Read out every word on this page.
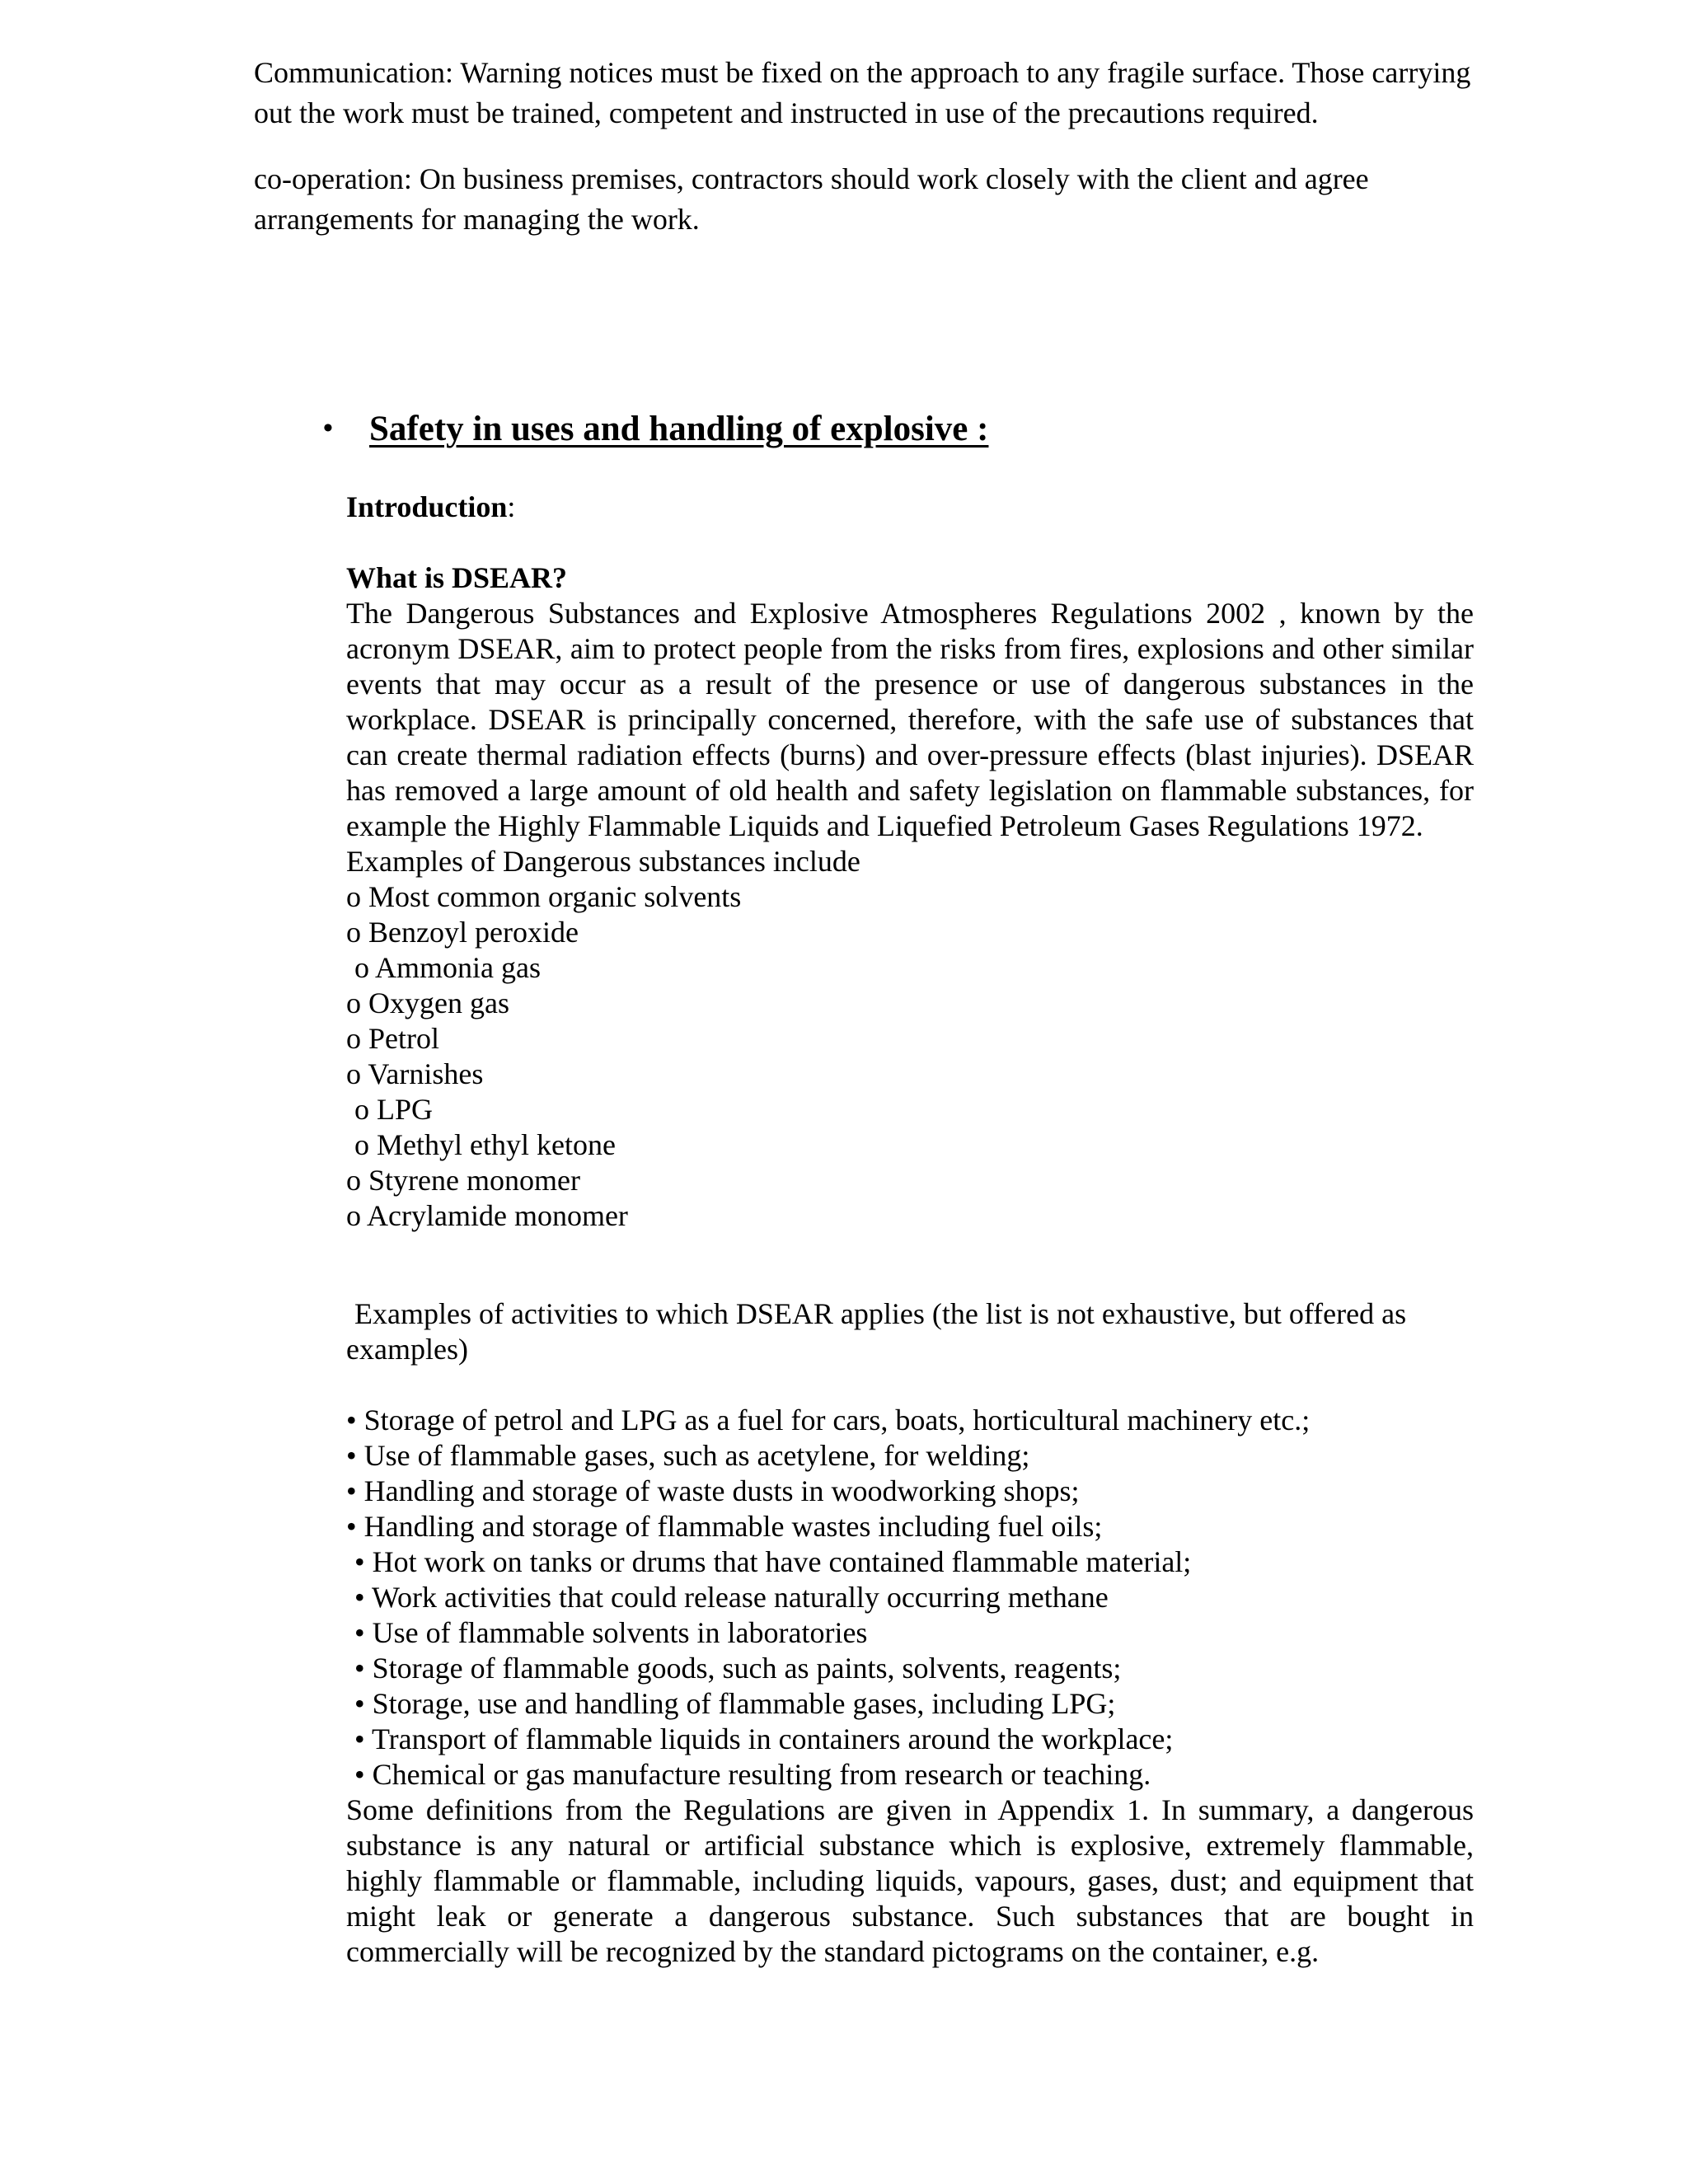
Communication: Warning notices must be fixed on the approach to any fragile surface. Those carrying out the work must be trained, competent and instructed in use of the precautions required.

co-operation: On business premises, contractors should work closely with the client and agree arrangements for managing the work.

• Safety in uses and handling of explosive :

Introduction:

What is DSEAR?

The Dangerous Substances and Explosive Atmospheres Regulations 2002 , known by the acronym DSEAR, aim to protect people from the risks from fires, explosions and other similar events that may occur as a result of the presence or use of dangerous substances in the workplace. DSEAR is principally concerned, therefore, with the safe use of substances that can create thermal radiation effects (burns) and over-pressure effects (blast injuries). DSEAR has removed a large amount of old health and safety legislation on flammable substances, for example the Highly Flammable Liquids and Liquefied Petroleum Gases Regulations 1972.

Examples of Dangerous substances include

o Most common organic solvents

o Benzoyl peroxide

o Ammonia gas

o Oxygen gas

o Petrol

o Varnishes

o LPG

o Methyl ethyl ketone

o Styrene monomer

o Acrylamide monomer

Examples of activities to which DSEAR applies (the list is not exhaustive, but offered as examples)

• Storage of petrol and LPG as a fuel for cars, boats, horticultural machinery etc.;

• Use of flammable gases, such as acetylene, for welding;

• Handling and storage of waste dusts in woodworking shops;

• Handling and storage of flammable wastes including fuel oils;

• Hot work on tanks or drums that have contained flammable material;

• Work activities that could release naturally occurring methane

• Use of flammable solvents in laboratories

• Storage of flammable goods, such as paints, solvents, reagents;

• Storage, use and handling of flammable gases, including LPG;

• Transport of flammable liquids in containers around the workplace;

• Chemical or gas manufacture resulting from research or teaching.

Some definitions from the Regulations are given in Appendix 1. In summary, a dangerous substance is any natural or artificial substance which is explosive, extremely flammable, highly flammable or flammable, including liquids, vapours, gases, dust; and equipment that might leak or generate a dangerous substance. Such substances that are bought in commercially will be recognized by the standard pictograms on the container, e.g.
